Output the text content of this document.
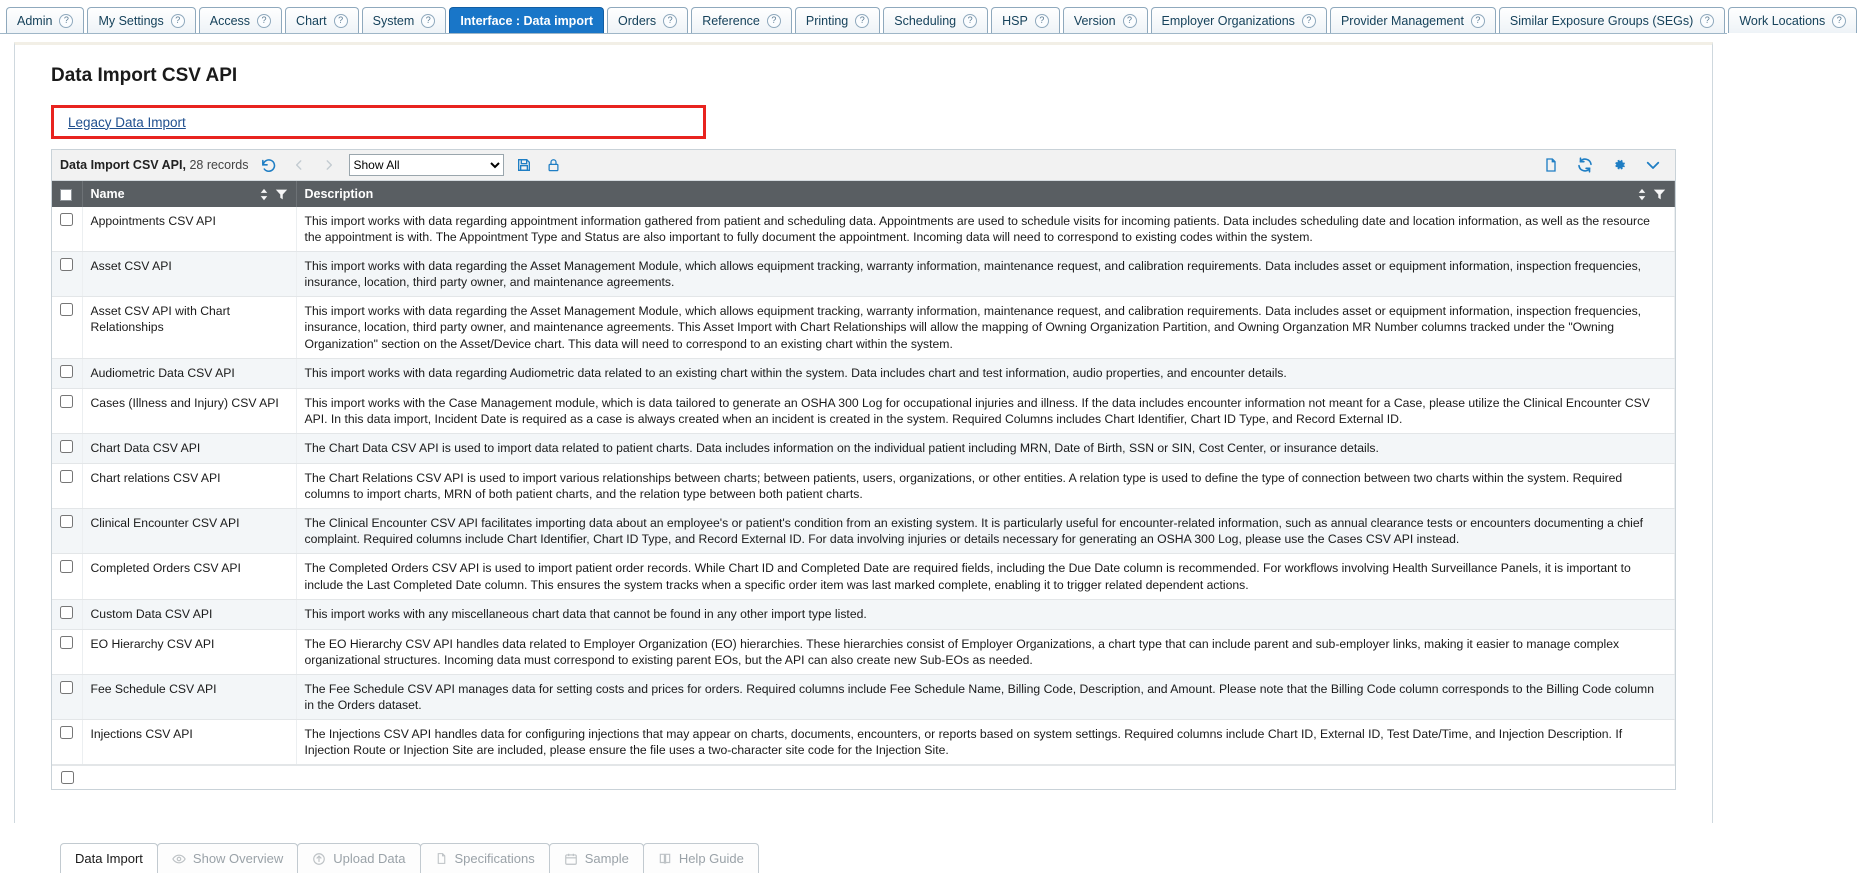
Admin	?	My Settings	?	Access	?	Chart	?	System	?	Interface : Data import Orders	?	Reference	?	Printing	?	Scheduling	?	HSP	?	Version	?	Employer Organizations	?	Provider Management	?	Similar Exposure Groups (SEGs)	?	Work Locations	?
Data Import CSV API
Legacy Data Import
Data Import CSV API, 28 records
Show All

	Name	Description

	Appointments CSV API	This import works with data regarding appointment information gathered from patient and scheduling data. Appointments are used to schedule visits for incoming patients. Data includes scheduling date and location information, as well as the resource the appointment is with. The Appointment Type and Status are also important to fully document the appointment. Incoming data will need to correspond to existing codes within the system.
	Asset CSV API	This import works with data regarding the Asset Management Module, which allows equipment tracking, warranty information, maintenance request, and calibration requirements. Data includes asset or equipment information, inspection frequencies, insurance, location, third party owner, and maintenance agreements.
	Asset CSV API with Chart Relationships	This import works with data regarding the Asset Management Module, which allows equipment tracking, warranty information, maintenance request, and calibration requirements. Data includes asset or equipment information, inspection frequencies, insurance, location, third party owner, and maintenance agreements. This Asset Import with Chart Relationships will allow the mapping of Owning Organization Partition, and Owning Organzation MR Number columns tracked under the "Owning Organization" section on the Asset/Device chart. This data will need to correspond to an existing chart within the system.
	Audiometric Data CSV API	This import works with data regarding Audiometric data related to an existing chart within the system. Data includes chart and test information, audio properties, and encounter details.
	Cases (Illness and Injury) CSV API	This import works with the Case Management module, which is data tailored to generate an OSHA 300 Log for occupational injuries and illness. If the data includes encounter information not meant for a Case, please utilize the Clinical Encounter CSV API. In this data import, Incident Date is required as a case is always created when an incident is created in the system. Required Columns includes Chart Identifier, Chart ID Type, and Record External ID.
	Chart Data CSV API	The Chart Data CSV API is used to import data related to patient charts. Data includes information on the individual patient including MRN, Date of Birth, SSN or SIN, Cost Center, or insurance details.
	Chart relations CSV API	The Chart Relations CSV API is used to import various relationships between charts; between patients, users, organizations, or other entities. A relation type is used to define the type of connection between two charts within the system. Required columns to import charts, MRN of both patient charts, and the relation type between both patient charts.
	Clinical Encounter CSV API	The Clinical Encounter CSV API facilitates importing data about an employee's or patient's condition from an existing system. It is particularly useful for encounter-related information, such as annual clearance tests or encounters documenting a chief complaint. Required columns include Chart Identifier, Chart ID Type, and Record External ID. For data involving injuries or details necessary for generating an OSHA 300 Log, please use the Cases CSV API instead.
	Completed Orders CSV API	The Completed Orders CSV API is used to import patient order records. While Chart ID and Completed Date are required fields, including the Due Date column is recommended. For workflows involving Health Surveillance Panels, it is important to include the Last Completed Date column. This ensures the system tracks when a specific order item was last marked complete, enabling it to trigger related dependent actions.
	Custom Data CSV API	This import works with any miscellaneous chart data that cannot be found in any other import type listed.
	EO Hierarchy CSV API	The EO Hierarchy CSV API handles data related to Employer Organization (EO) hierarchies. These hierarchies consist of Employer Organizations, a chart type that can include parent and sub-employer links, making it easier to manage complex organizational structures. Incoming data must correspond to existing parent EOs, but the API can also create new Sub-EOs as needed.
	Fee Schedule CSV API	The Fee Schedule CSV API manages data for setting costs and prices for orders. Required columns include Fee Schedule Name, Billing Code, Description, and Amount. Please note that the Billing Code column corresponds to the Billing Code column in the Orders dataset.
	Injections CSV API	The Injections CSV API handles data for configuring injections that may appear on charts, documents, encounters, or reports based on system settings. Required columns include Chart ID, External ID, Test Date/Time, and Injection Description. If Injection Route or Injection Site are included, please ensure the file uses a two-character site code for the Injection Site.
Data Import	Show Overview	Upload Data	Specifications	Sample	Help Guide
